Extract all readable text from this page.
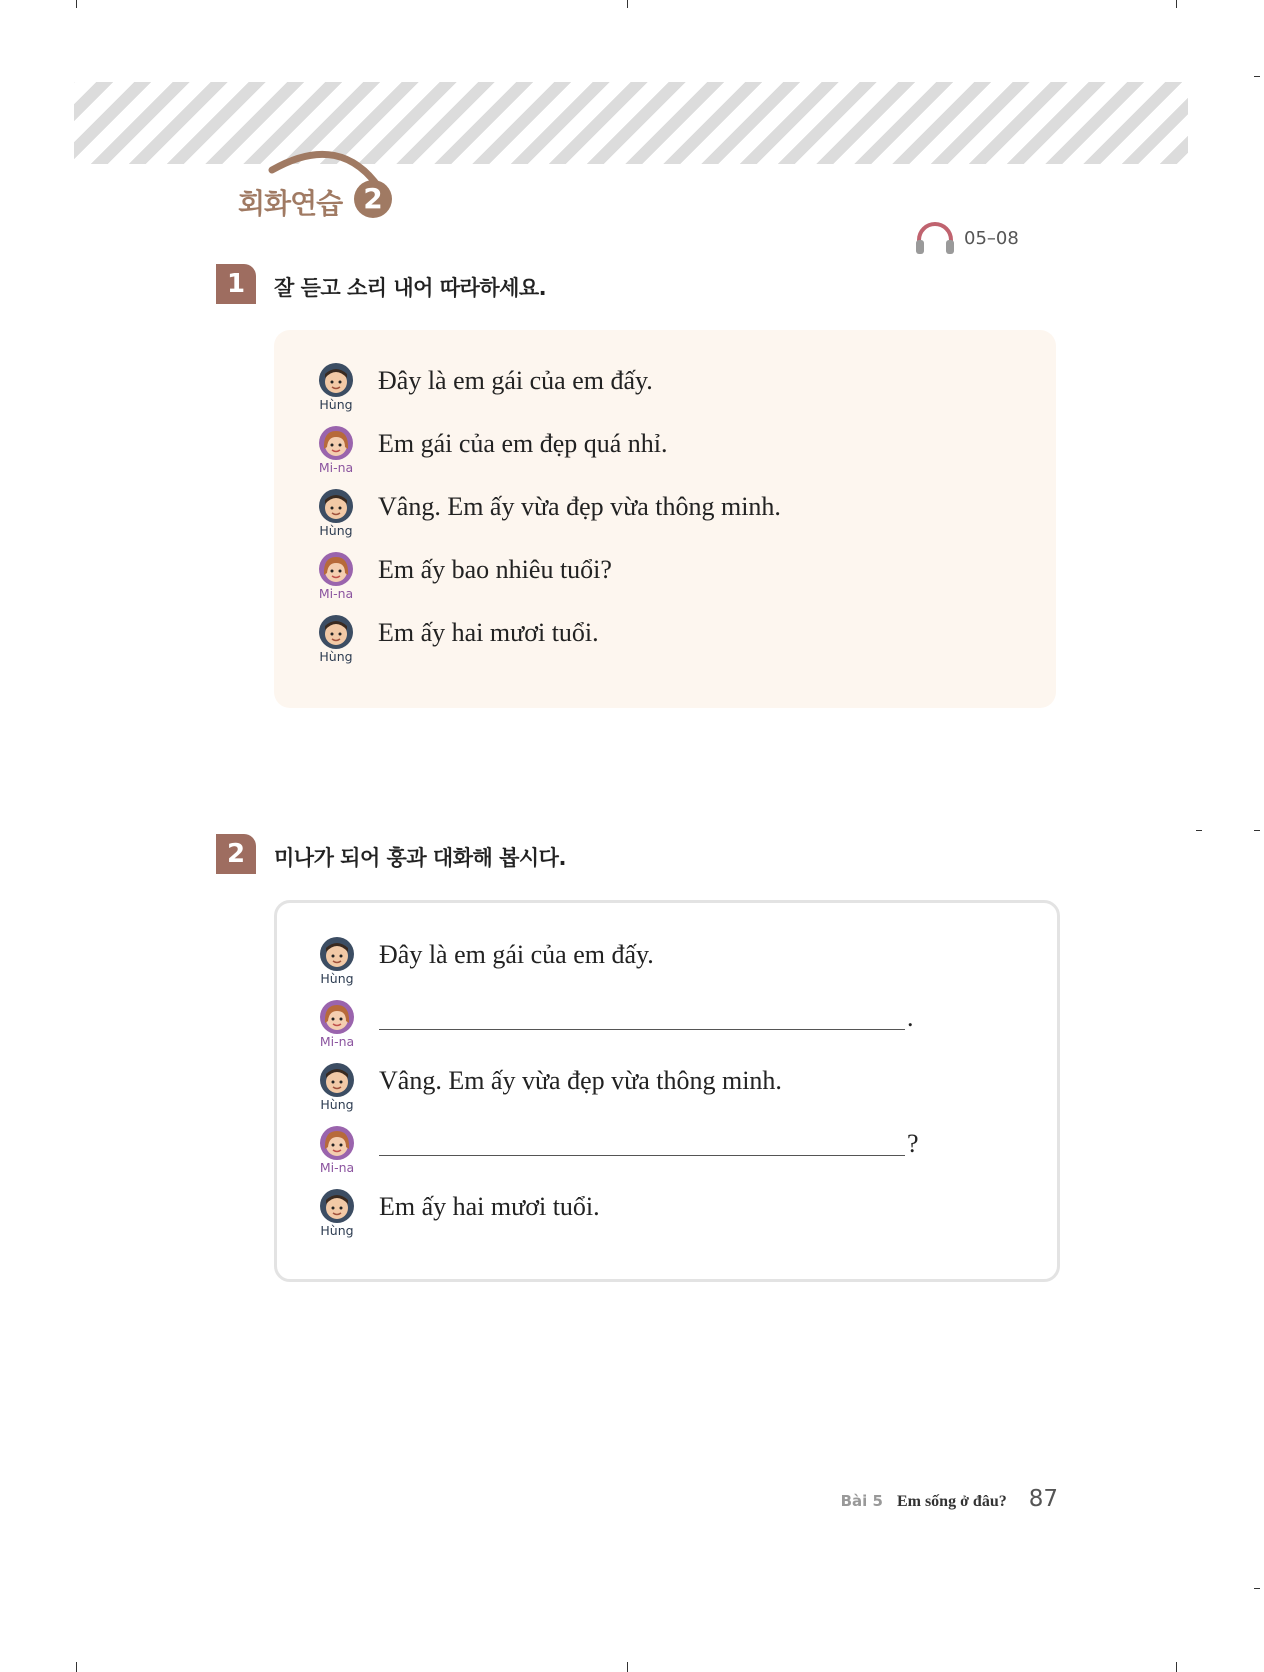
회화연습 2
05–08
1	잘 듣고 소리 내어 따라하세요.
Hùng
Đây là em gái của em đấy.
Mi-na
Em gái của em đẹp quá nhỉ.
Hùng
Vâng. Em ấy vừa đẹp vừa thông minh.
Mi-na
Em ấy bao nhiêu tuổi?
Hùng
Em ấy hai mươi tuổi.
2	미나가 되어 훙과 대화해 봅시다.
Hùng
Đây là em gái của em đấy.
Mi-na
.
Hùng
Vâng. Em ấy vừa đẹp vừa thông minh.
Mi-na
?
Hùng
Em ấy hai mươi tuổi.
Bài 5 Em sống ở đâu? 87
